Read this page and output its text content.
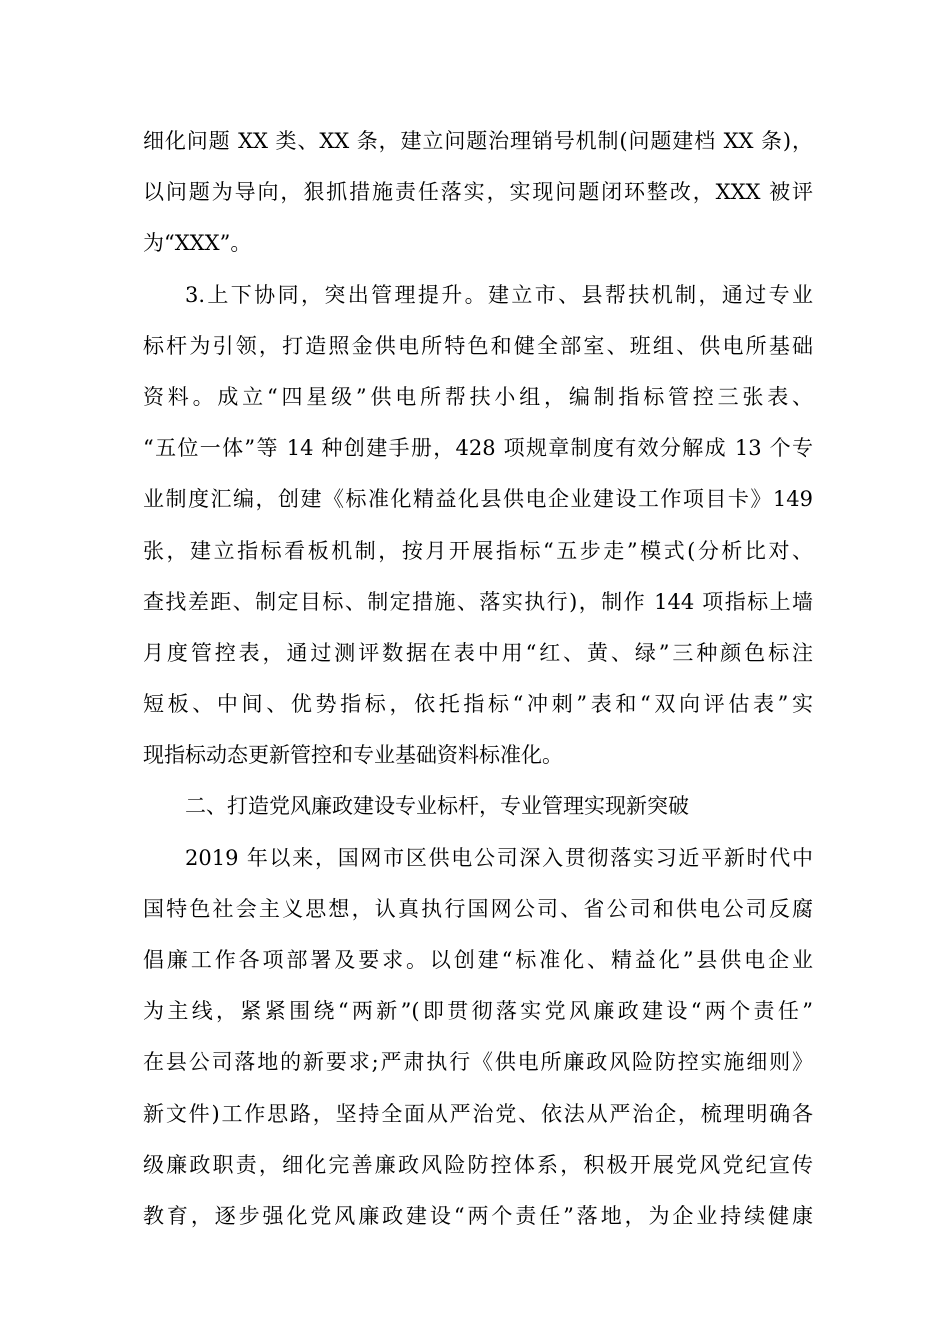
细化问题 XX 类、XX 条，建立问题治理销号机制(问题建档 XX 条)，
以问题为导向，狠抓措施责任落实，实现问题闭环整改，XXX 被评
为“XXX”。
3.上下协同，突出管理提升。建立市、县帮扶机制，通过专业
标杆为引领，打造照金供电所特色和健全部室、班组、供电所基础
资料。成立“四星级”供电所帮扶小组，编制指标管控三张表、
“五位一体”等 14 种创建手册，428 项规章制度有效分解成 13 个专
业制度汇编，创建《标准化精益化县供电企业建设工作项目卡》149
张，建立指标看板机制，按月开展指标“五步走”模式(分析比对、
查找差距、制定目标、制定措施、落实执行)，制作 144 项指标上墙
月度管控表，通过测评数据在表中用“红、黄、绿”三种颜色标注
短板、中间、优势指标，依托指标“冲刺”表和“双向评估表”实
现指标动态更新管控和专业基础资料标准化。
二、打造党风廉政建设专业标杆，专业管理实现新突破
2019 年以来，国网市区供电公司深入贯彻落实习近平新时代中
国特色社会主义思想，认真执行国网公司、省公司和供电公司反腐
倡廉工作各项部署及要求。以创建“标准化、精益化”县供电企业
为主线，紧紧围绕“两新”(即贯彻落实党风廉政建设“两个责任”
在县公司落地的新要求;严肃执行《供电所廉政风险防控实施细则》
新文件)工作思路，坚持全面从严治党、依法从严治企，梳理明确各
级廉政职责，细化完善廉政风险防控体系，积极开展党风党纪宣传
教育，逐步强化党风廉政建设“两个责任”落地，为企业持续健康
